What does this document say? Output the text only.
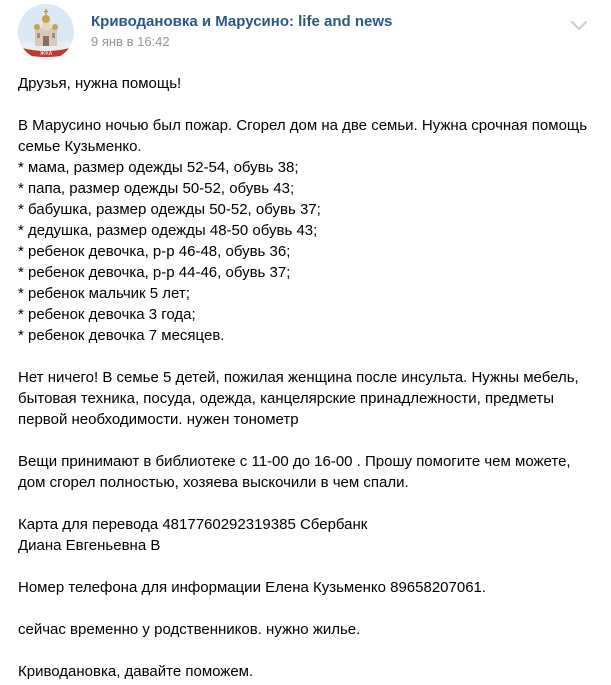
ЖКА
Криводановка и Марусино: life and news
9 янв в 16:42
Друзья, нужна помощь!
В Марусино ночью был пожар. Сгорел дом на две семьи. Нужна срочная помощь
семье Кузьменко.
* мама, размер одежды 52-54, обувь 38;
* папа, размер одежды 50-52, обувь 43;
* бабушка, размер одежды 50-52, обувь 37;
* дедушка, размер одежды 48-50 обувь 43;
* ребенок девочка, р-р 46-48, обувь 36;
* ребенок девочка, р-р 44-46, обувь 37;
* ребенок мальчик 5 лет;
* ребенок девочка 3 года;
* ребенок девочка 7 месяцев.
Нет ничего! В семье 5 детей, пожилая женщина после инсульта. Нужны мебель,
бытовая техника, посуда, одежда, канцелярские принадлежности, предметы
первой необходимости. нужен тонометр
Вещи принимают в библиотеке с 11-00 до 16-00 . Прошу помогите чем можете,
дом сгорел полностью, хозяева выскочили в чем спали.
Карта для перевода 4817760292319385 Сбербанк
Диана Евгеньевна В
Номер телефона для информации Елена Кузьменко 89658207061.
сейчас временно у родственников. нужно жилье.
Криводановка, давайте поможем.
